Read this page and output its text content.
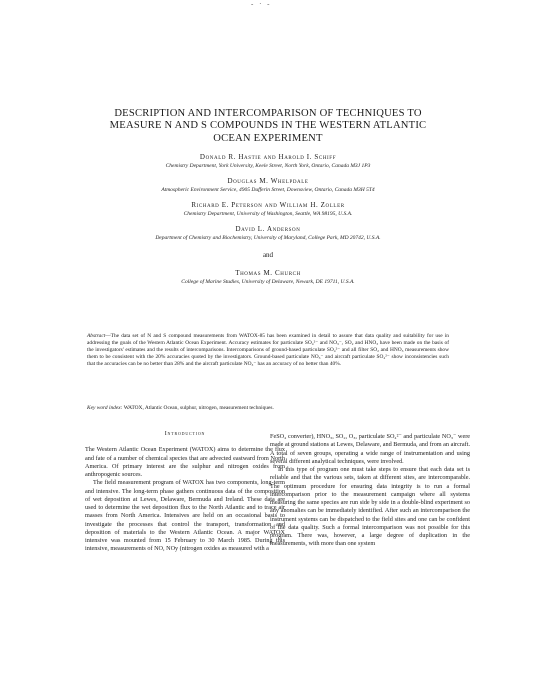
- · -
DESCRIPTION AND INTERCOMPARISON OF TECHNIQUES TO MEASURE N AND S COMPOUNDS IN THE WESTERN ATLANTIC OCEAN EXPERIMENT
Donald R. Hastie and Harold I. Schiff
Chemistry Department, York University, Keele Street, North York, Ontario, Canada M3J 1P3
Douglas M. Whelpdale
Atmospheric Environment Service, 4905 Dufferin Street, Downsview, Ontario, Canada M3H 5T4
Richard E. Peterson and William H. Zoller
Chemistry Department, University of Washington, Seattle, WA 98195, U.S.A.
David L. Anderson
Department of Chemistry and Biochemistry, University of Maryland, College Park, MD 20742, U.S.A.
and
Thomas M. Church
College of Marine Studies, University of Delaware, Newark, DE 19711, U.S.A.
Abstract—The data set of N and S compound measurements from WATOX-85 has been examined in detail to assure that data quality and suitability for use in addressing the goals of the Western Atlantic Ocean Experiment. Accuracy estimates for particulate SO₄²⁻ and NO₃⁻, SO₂ and HNO₃ have been made on the basis of the investigators' estimates and the results of intercomparisons. Intercomparisons of ground-based particulate SO₄²⁻ and all filter SO₂ and HNO₃ measurements show them to be consistent with the 20% accuracies quoted by the investigators. Ground-based particulate NO₃⁻ and aircraft particulate SO₄²⁻ show inconsistencies such that the accuracies can be no better than 28% and the aircraft particulate NO₃⁻ has an accuracy of no better than 40%.
Key word index: WATOX, Atlantic Ocean, sulphur, nitrogen, measurement techniques.
Introduction

The Western Atlantic Ocean Experiment (WATOX) aims to determine the flux and fate of a number of chemical species that are advected eastward from North America. Of primary interest are the sulphur and nitrogen oxides from anthropogenic sources.

The field measurement program of WATOX has two components, long-term and intensive. The long-term phase gathers continuous data of the composition of wet deposition at Lewes, Delaware, Bermuda and Ireland. These data are used to determine the wet deposition flux to the North Atlantic and to trace air masses from North America. Intensives are held on an occasional basis to investigate the processes that control the transport, transformation and deposition of materials to the Western Atlantic Ocean. A major WATOX intensive was mounted from 15 February to 30 March 1985. During this intensive, measurements of NO, NOy (nitrogen oxides as measured with a

FeSO₄ converter), HNO₃, SO₂, O₃, particulate SO₄²⁻ and particulate NO₃⁻ were made at ground stations at Lewes, Delaware, and Bermuda, and from an aircraft. A total of seven groups, operating a wide range of instrumentation and using several different analytical techniques, were involved.

In this type of program one must take steps to ensure that each data set is reliable and that the various sets, taken at different sites, are intercomparable. The optimum procedure for ensuring data integrity is to run a formal intercomparison prior to the measurement campaign where all systems measuring the same species are run side by side in a double-blind experiment so any anomalies can be immediately identified. After such an intercomparison the instrument systems can be dispatched to the field sites and one can be confident of the data quality. Such a formal intercomparison was not possible for this program. There was, however, a large degree of duplication in the measurements, with more than one system
